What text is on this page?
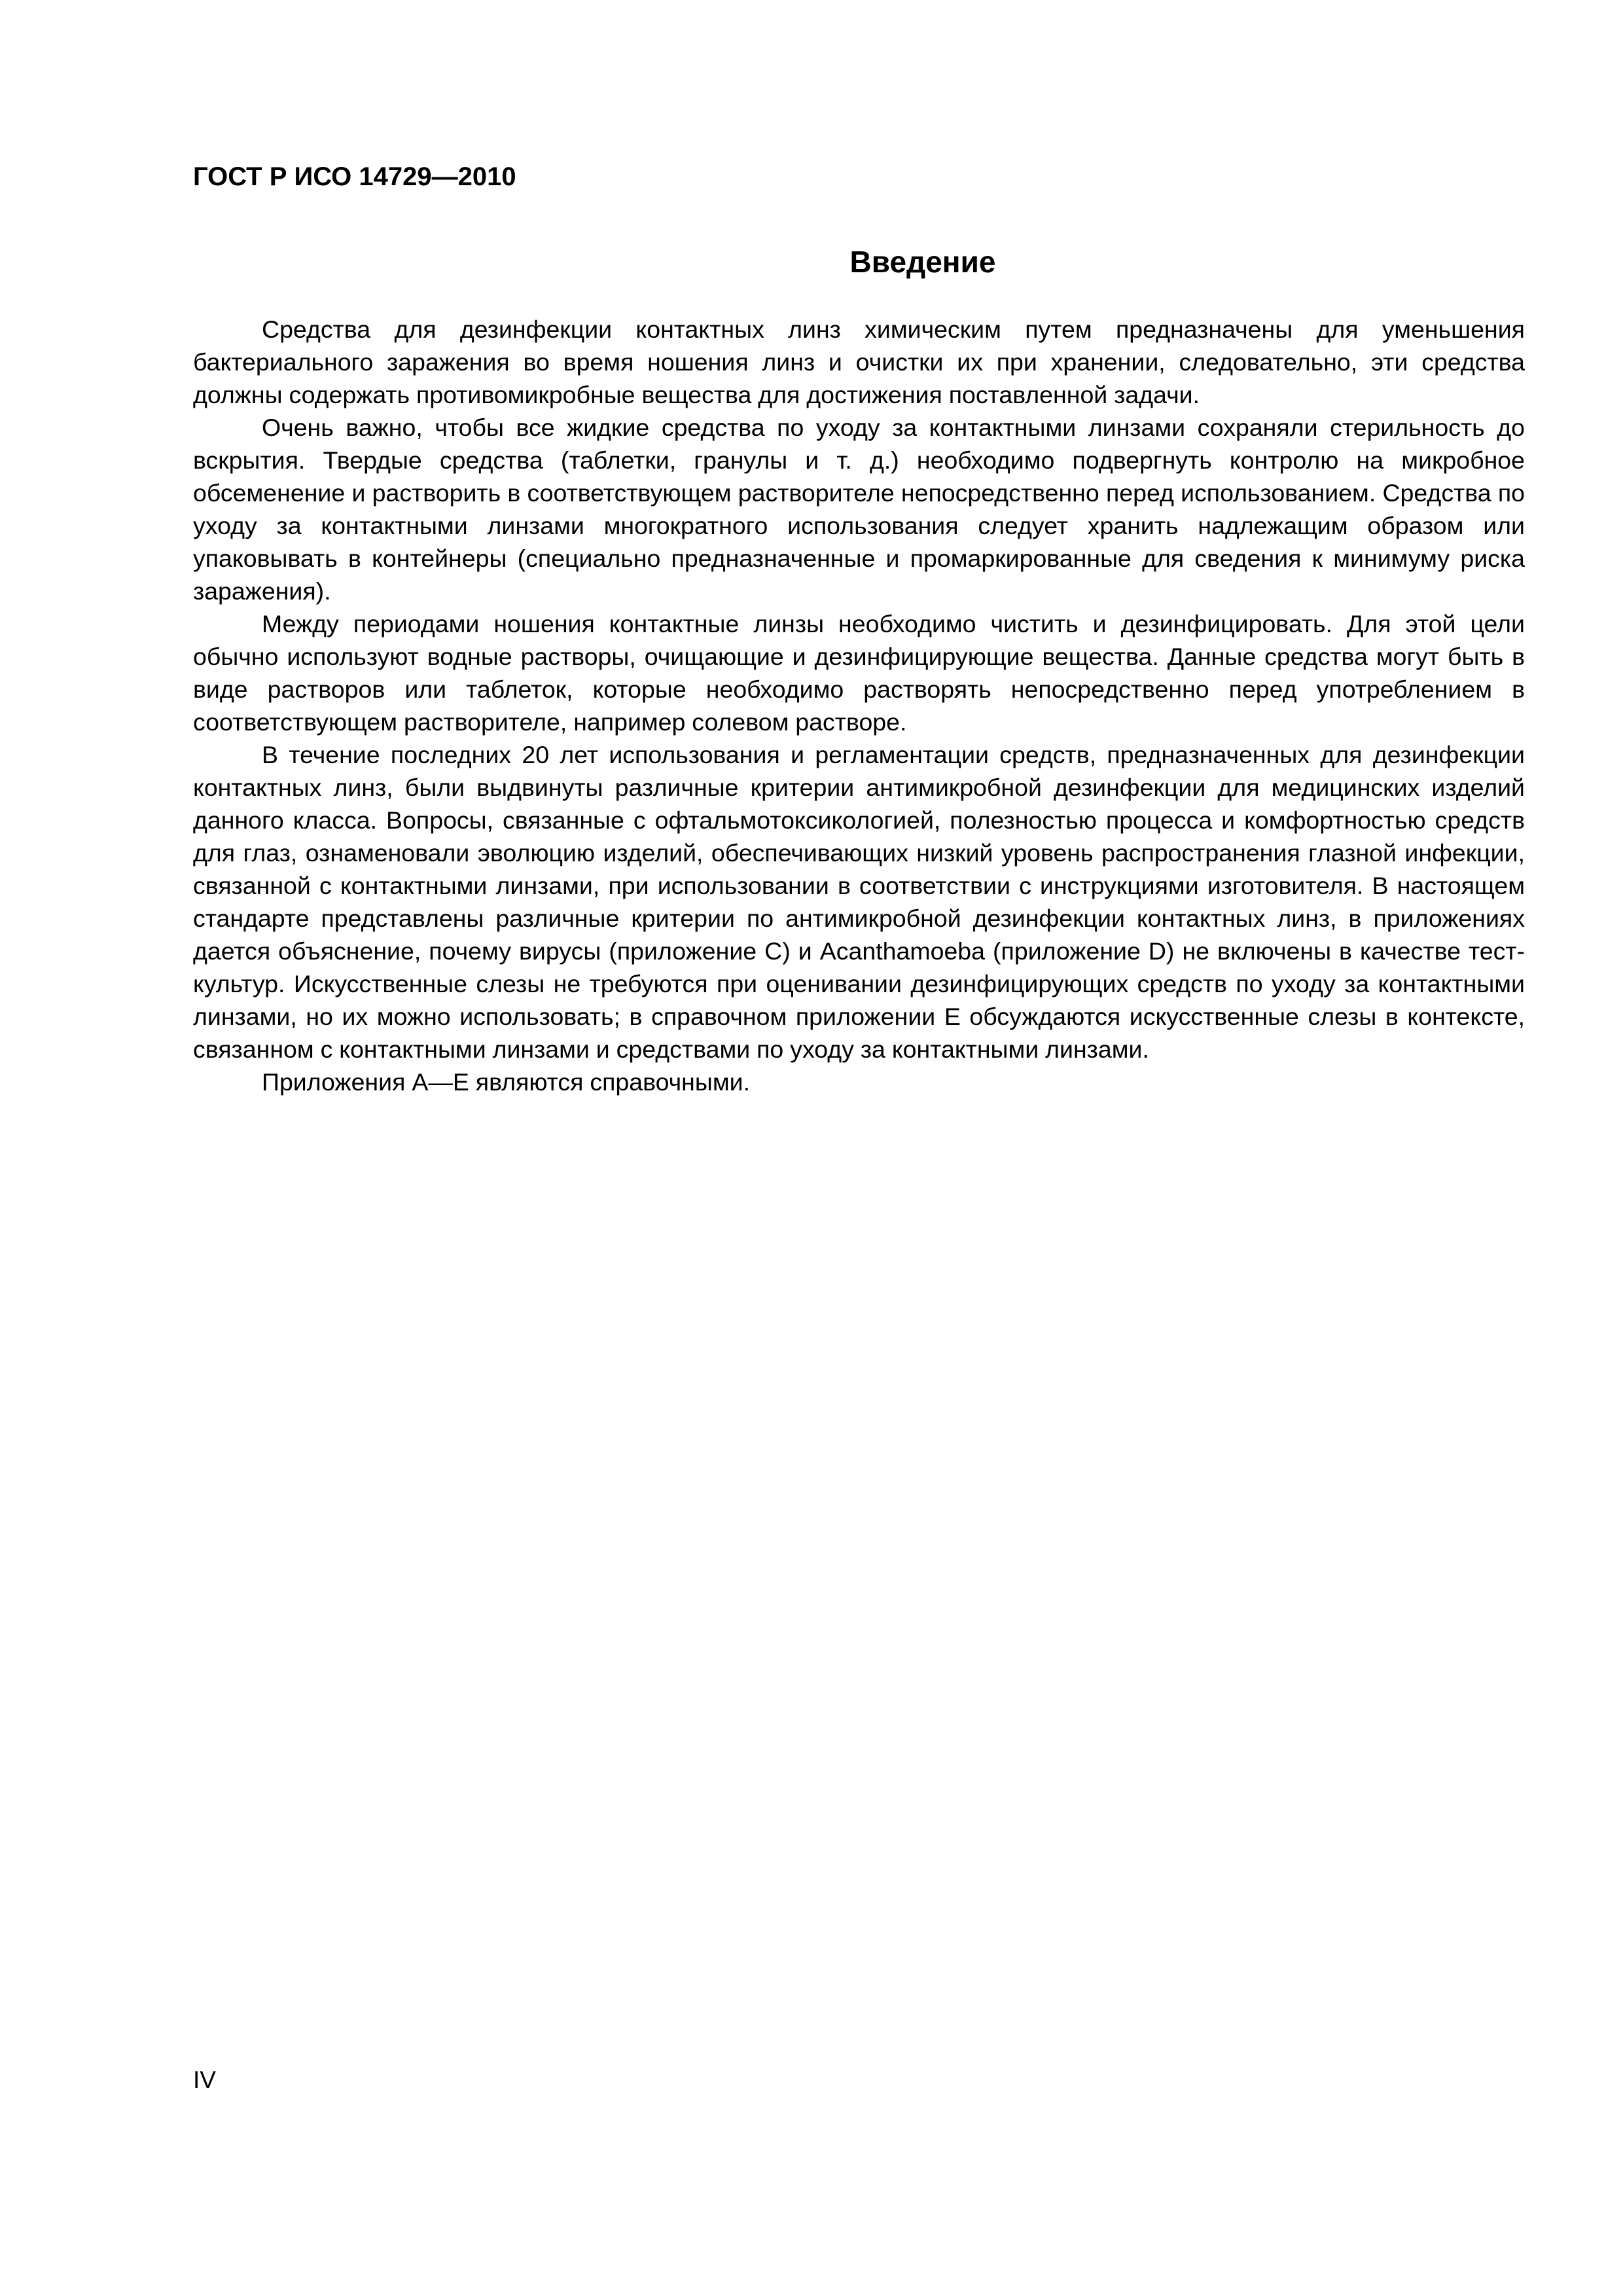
ГОСТ Р ИСО 14729—2010
Введение

Средства для дезинфекции контактных линз химическим путем предназначены для уменьшения бактериального заражения во время ношения линз и очистки их при хранении, следовательно, эти средства должны содержать противомикробные вещества для достижения поставленной задачи.

Очень важно, чтобы все жидкие средства по уходу за контактными линзами сохраняли стерильность до вскрытия. Твердые средства (таблетки, гранулы и т. д.) необходимо подвергнуть контролю на микробное обсеменение и растворить в соответствующем растворителе непосредственно перед использованием. Средства по уходу за контактными линзами многократного использования следует хранить надлежащим образом или упаковывать в контейнеры (специально предназначенные и промаркированные для сведения к минимуму риска заражения).

Между периодами ношения контактные линзы необходимо чистить и дезинфицировать. Для этой цели обычно используют водные растворы, очищающие и дезинфицирующие вещества. Данные средства могут быть в виде растворов или таблеток, которые необходимо растворять непосредственно перед употреблением в соответствующем растворителе, например солевом растворе.

В течение последних 20 лет использования и регламентации средств, предназначенных для дезинфекции контактных линз, были выдвинуты различные критерии антимикробной дезинфекции для медицинских изделий данного класса. Вопросы, связанные с офтальмотоксикологией, полезностью процесса и комфортностью средств для глаз, ознаменовали эволюцию изделий, обеспечивающих низкий уровень распространения глазной инфекции, связанной с контактными линзами, при использовании в соответствии с инструкциями изготовителя. В настоящем стандарте представлены различные критерии по антимикробной дезинфекции контактных линз, в приложениях дается объяснение, почему вирусы (приложение С) и Acanthamoeba (приложение D) не включены в качестве тест-культур. Искусственные слезы не требуются при оценивании дезинфицирующих средств по уходу за контактными линзами, но их можно использовать; в справочном приложении Е обсуждаются искусственные слезы в контексте, связанном с контактными линзами и средствами по уходу за контактными линзами.

Приложения А—Е являются справочными.

IV
